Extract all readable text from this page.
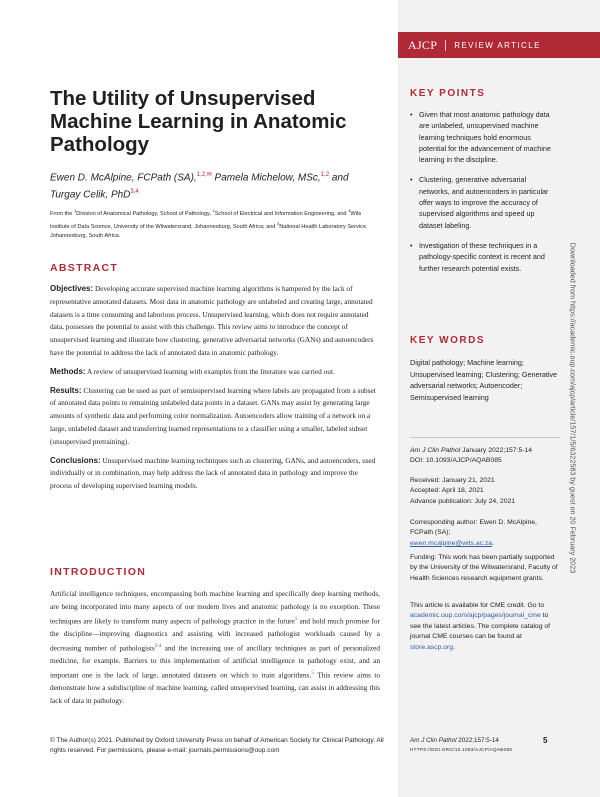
AJCP REVIEW ARTICLE
The Utility of Unsupervised Machine Learning in Anatomic Pathology
Ewen D. McAlpine, FCPath (SA),$^{1,2,✉}$ Pamela Michelow, MSc,$^{1,2}$ and
Turgay Celik, PhD$^{3,4}$
From the $^1$Division of Anatomical Pathology, School of Pathology, $^2$School of Electrical and Information Engineering, and $^4$Wits Institute of Data Science, University of the Witwatersrand, Johannesburg, South Africa; and $^3$National Health Laboratory Service, Johannesburg, South Africa.
ABSTRACT

Objectives: Developing accurate supervised machine learning algorithms is hampered by the lack of representative annotated datasets. Most data in anatomic pathology are unlabeled and creating large, annotated datasets is a time consuming and laborious process. Unsupervised learning, which does not require annotated data, possesses the potential to assist with this challenge. This review aims to introduce the concept of unsupervised learning and illustrate how clustering, generative adversarial networks (GANs) and autoencoders have the potential to address the lack of annotated data in anatomic pathology.

Methods: A review of unsupervised learning with examples from the literature was carried out.

Results: Clustering can be used as part of semisupervised learning where labels are propagated from a subset of annotated data points to remaining unlabeled data points in a dataset. GANs may assist by generating large amounts of synthetic data and performing color normalization. Autoencoders allow training of a network on a large, unlabeled dataset and transferring learned representations to a classifier using a smaller, labeled subset (unsupervised pretraining).

Conclusions: Unsupervised machine learning techniques such as clustering, GANs, and autoencoders, used individually or in combination, may help address the lack of annotated data in pathology and improve the process of developing supervised learning models.

INTRODUCTION
Artificial intelligence techniques, encompassing both machine learning and specifically deep learning methods, are being incorporated into many aspects of our modern lives and anatomic pathology is no exception. These techniques are likely to transform many aspects of pathology practice in the future$^1$ and hold much promise for the discipline—improving diagnostics and assisting with increased pathologist workloads caused by a decreasing number of pathologists$^{2-4}$ and the increasing use of ancillary techniques as part of personalized medicine, for example. Barriers to this implementation of artificial intelligence in pathology exist, and an important one is the lack of large, annotated datasets on which to train algorithms.$^5$ This review aims to demonstrate how a subdiscipline of machine learning, called unsupervised learning, can assist in addressing this lack of data in pathology.
KEY POINTS
• Given that most anatomic pathology data are unlabeled, unsupervised machine learning techniques hold enormous potential for the advancement of machine learning in the discipline.
• Clustering, generative adversarial networks, and autoencoders in particular offer ways to improve the accuracy of supervised algorithms and speed up dataset labeling.
• Investigation of these techniques in a pathology-specific context is recent and further research potential exists.
KEY WORDS
Digital pathology; Machine learning; Unsupervised learning; Clustering; Generative adversarial networks; Autoencoder; Semisupervised learning
Am J Clin Pathol January 2022;157:5-14
DOI: 10.1093/AJCP/AQAB085
Received: January 21, 2021
Accepted: April 18, 2021
Advance publication: July 24, 2021
Corresponding author: Ewen D. McAlpine, FCPath (SA);
ewen.mcalpine@wits.ac.za.
Funding: This work has been partially supported by the University of the Witwatersrand, Faculty of Health Sciences research equipment grants.
This article is available for CME credit. Go to academic.oup.com/ajcp/pages/journal_cme to see the latest articles. The complete catalog of journal CME courses can be found at store.ascp.org.
Downloaded from https://academic.oup.com/ajcp/article/157/1/5/6322583 by guest on 20 February 2023
© The Author(s) 2021. Published by Oxford University Press on behalf of American Society for Clinical Pathology. All rights reserved. For permissions, please e-mail: journals.permissions@oup.com
Am J Clin Pathol 2022;157:5-14
HTTPS://DOI.ORG/10.1093/AJCP/AQAB085
5
